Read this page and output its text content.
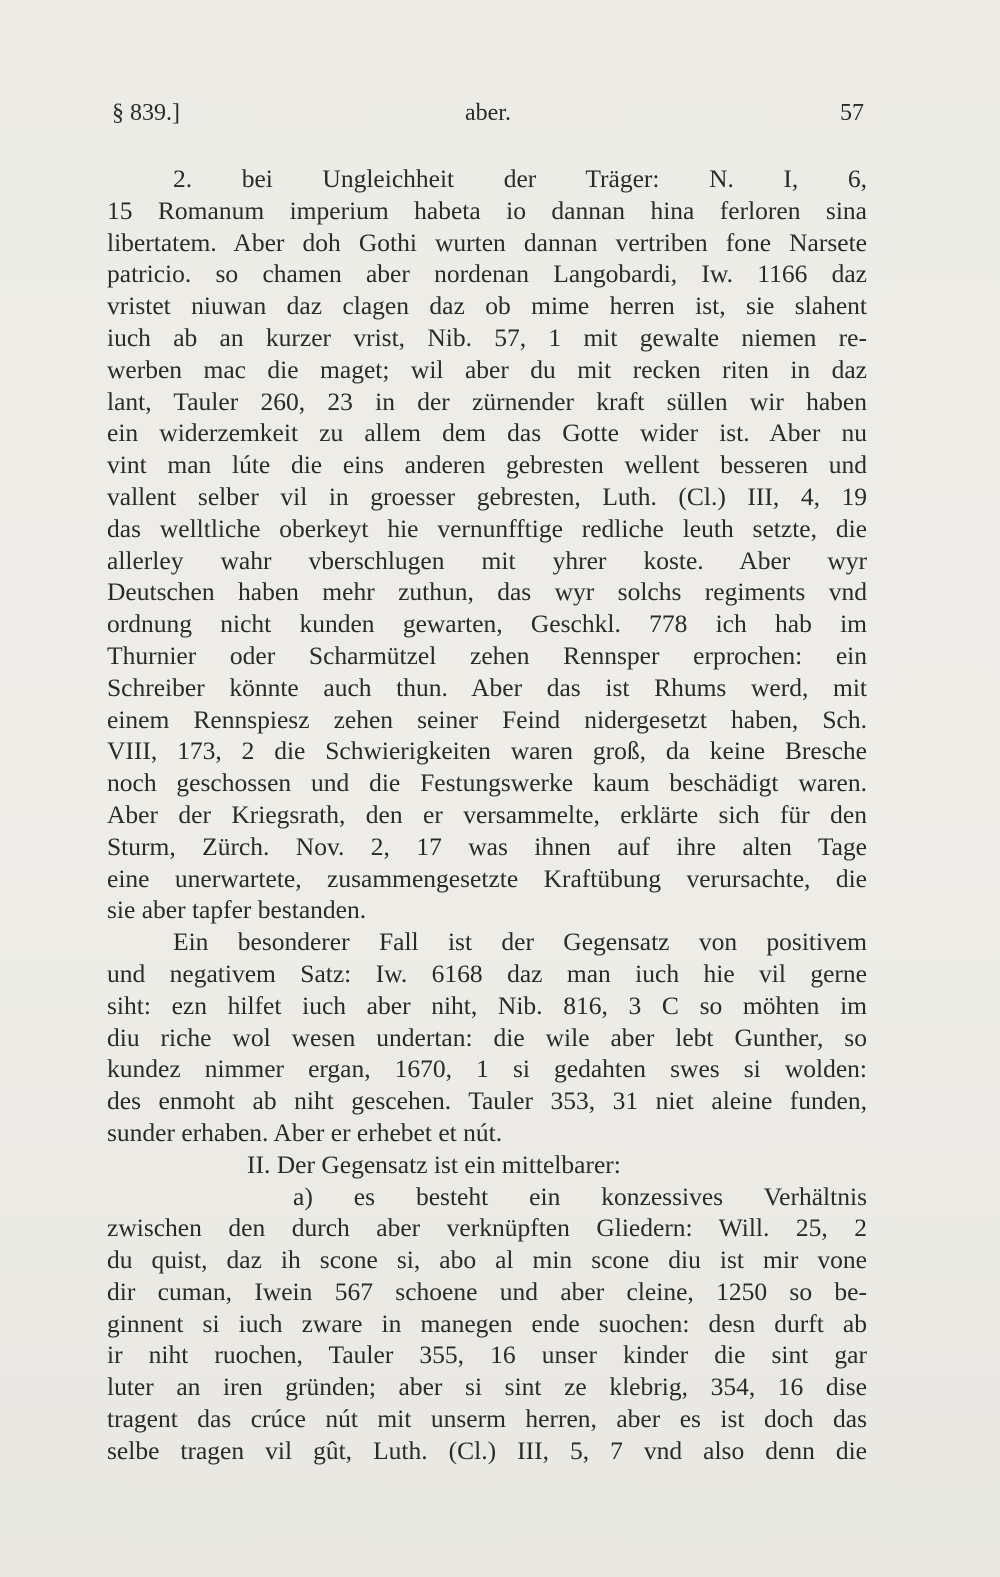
§ 839.]	aber.	57
2. bei Ungleichheit der Träger: N. I, 6,
15 Romanum imperium habeta io dannan hina ferloren sina
libertatem. Aber doh Gothi wurten dannan vertriben fone Narsete
patricio. so chamen aber nordenan Langobardi, Iw. 1166 daz
vristet niuwan daz clagen daz ob mime herren ist, sie slahent
iuch ab an kurzer vrist, Nib. 57, 1 mit gewalte niemen re-
werben mac die maget; wil aber du mit recken riten in daz
lant, Tauler 260, 23 in der zürnender kraft süllen wir haben
ein widerzemkeit zu allem dem das Gotte wider ist. Aber nu
vint man lúte die eins anderen gebresten wellent besseren und
vallent selber vil in groesser gebresten, Luth. (Cl.) III, 4, 19
das welltliche oberkeyt hie vernunfftige redliche leuth setzte, die
allerley wahr vberschlugen mit yhrer koste. Aber wyr
Deutschen haben mehr zuthun, das wyr solchs regiments vnd
ordnung nicht kunden gewarten, Geschkl. 778 ich hab im
Thurnier oder Scharmützel zehen Rennsper erprochen: ein
Schreiber könnte auch thun. Aber das ist Rhums werd, mit
einem Rennspiesz zehen seiner Feind nidergesetzt haben, Sch.
VIII, 173, 2 die Schwierigkeiten waren groß, da keine Bresche
noch geschossen und die Festungswerke kaum beschädigt waren.
Aber der Kriegsrath, den er versammelte, erklärte sich für den
Sturm, Zürch. Nov. 2, 17 was ihnen auf ihre alten Tage
eine unerwartete, zusammengesetzte Kraftübung verursachte, die
sie aber tapfer bestanden.
Ein besonderer Fall ist der Gegensatz von positivem
und negativem Satz: Iw. 6168 daz man iuch hie vil gerne
siht: ezn hilfet iuch aber niht, Nib. 816, 3 C so möhten im
diu riche wol wesen undertan: die wile aber lebt Gunther, so
kundez nimmer ergan, 1670, 1 si gedahten swes si wolden:
des enmoht ab niht gescehen. Tauler 353, 31 niet aleine funden,
sunder erhaben. Aber er erhebet et nút.
II. Der Gegensatz ist ein mittelbarer:
a) es besteht ein konzessives Verhältnis
zwischen den durch aber verknüpften Gliedern: Will. 25, 2
du quist, daz ih scone si, abo al min scone diu ist mir vone
dir cuman, Iwein 567 schoene und aber cleine, 1250 so be-
ginnent si iuch zware in manegen ende suochen: desn durft ab
ir niht ruochen, Tauler 355, 16 unser kinder die sint gar
luter an iren gründen; aber si sint ze klebrig, 354, 16 dise
tragent das crúce nút mit unserm herren, aber es ist doch das
selbe tragen vil gût, Luth. (Cl.) III, 5, 7 vnd also denn die
